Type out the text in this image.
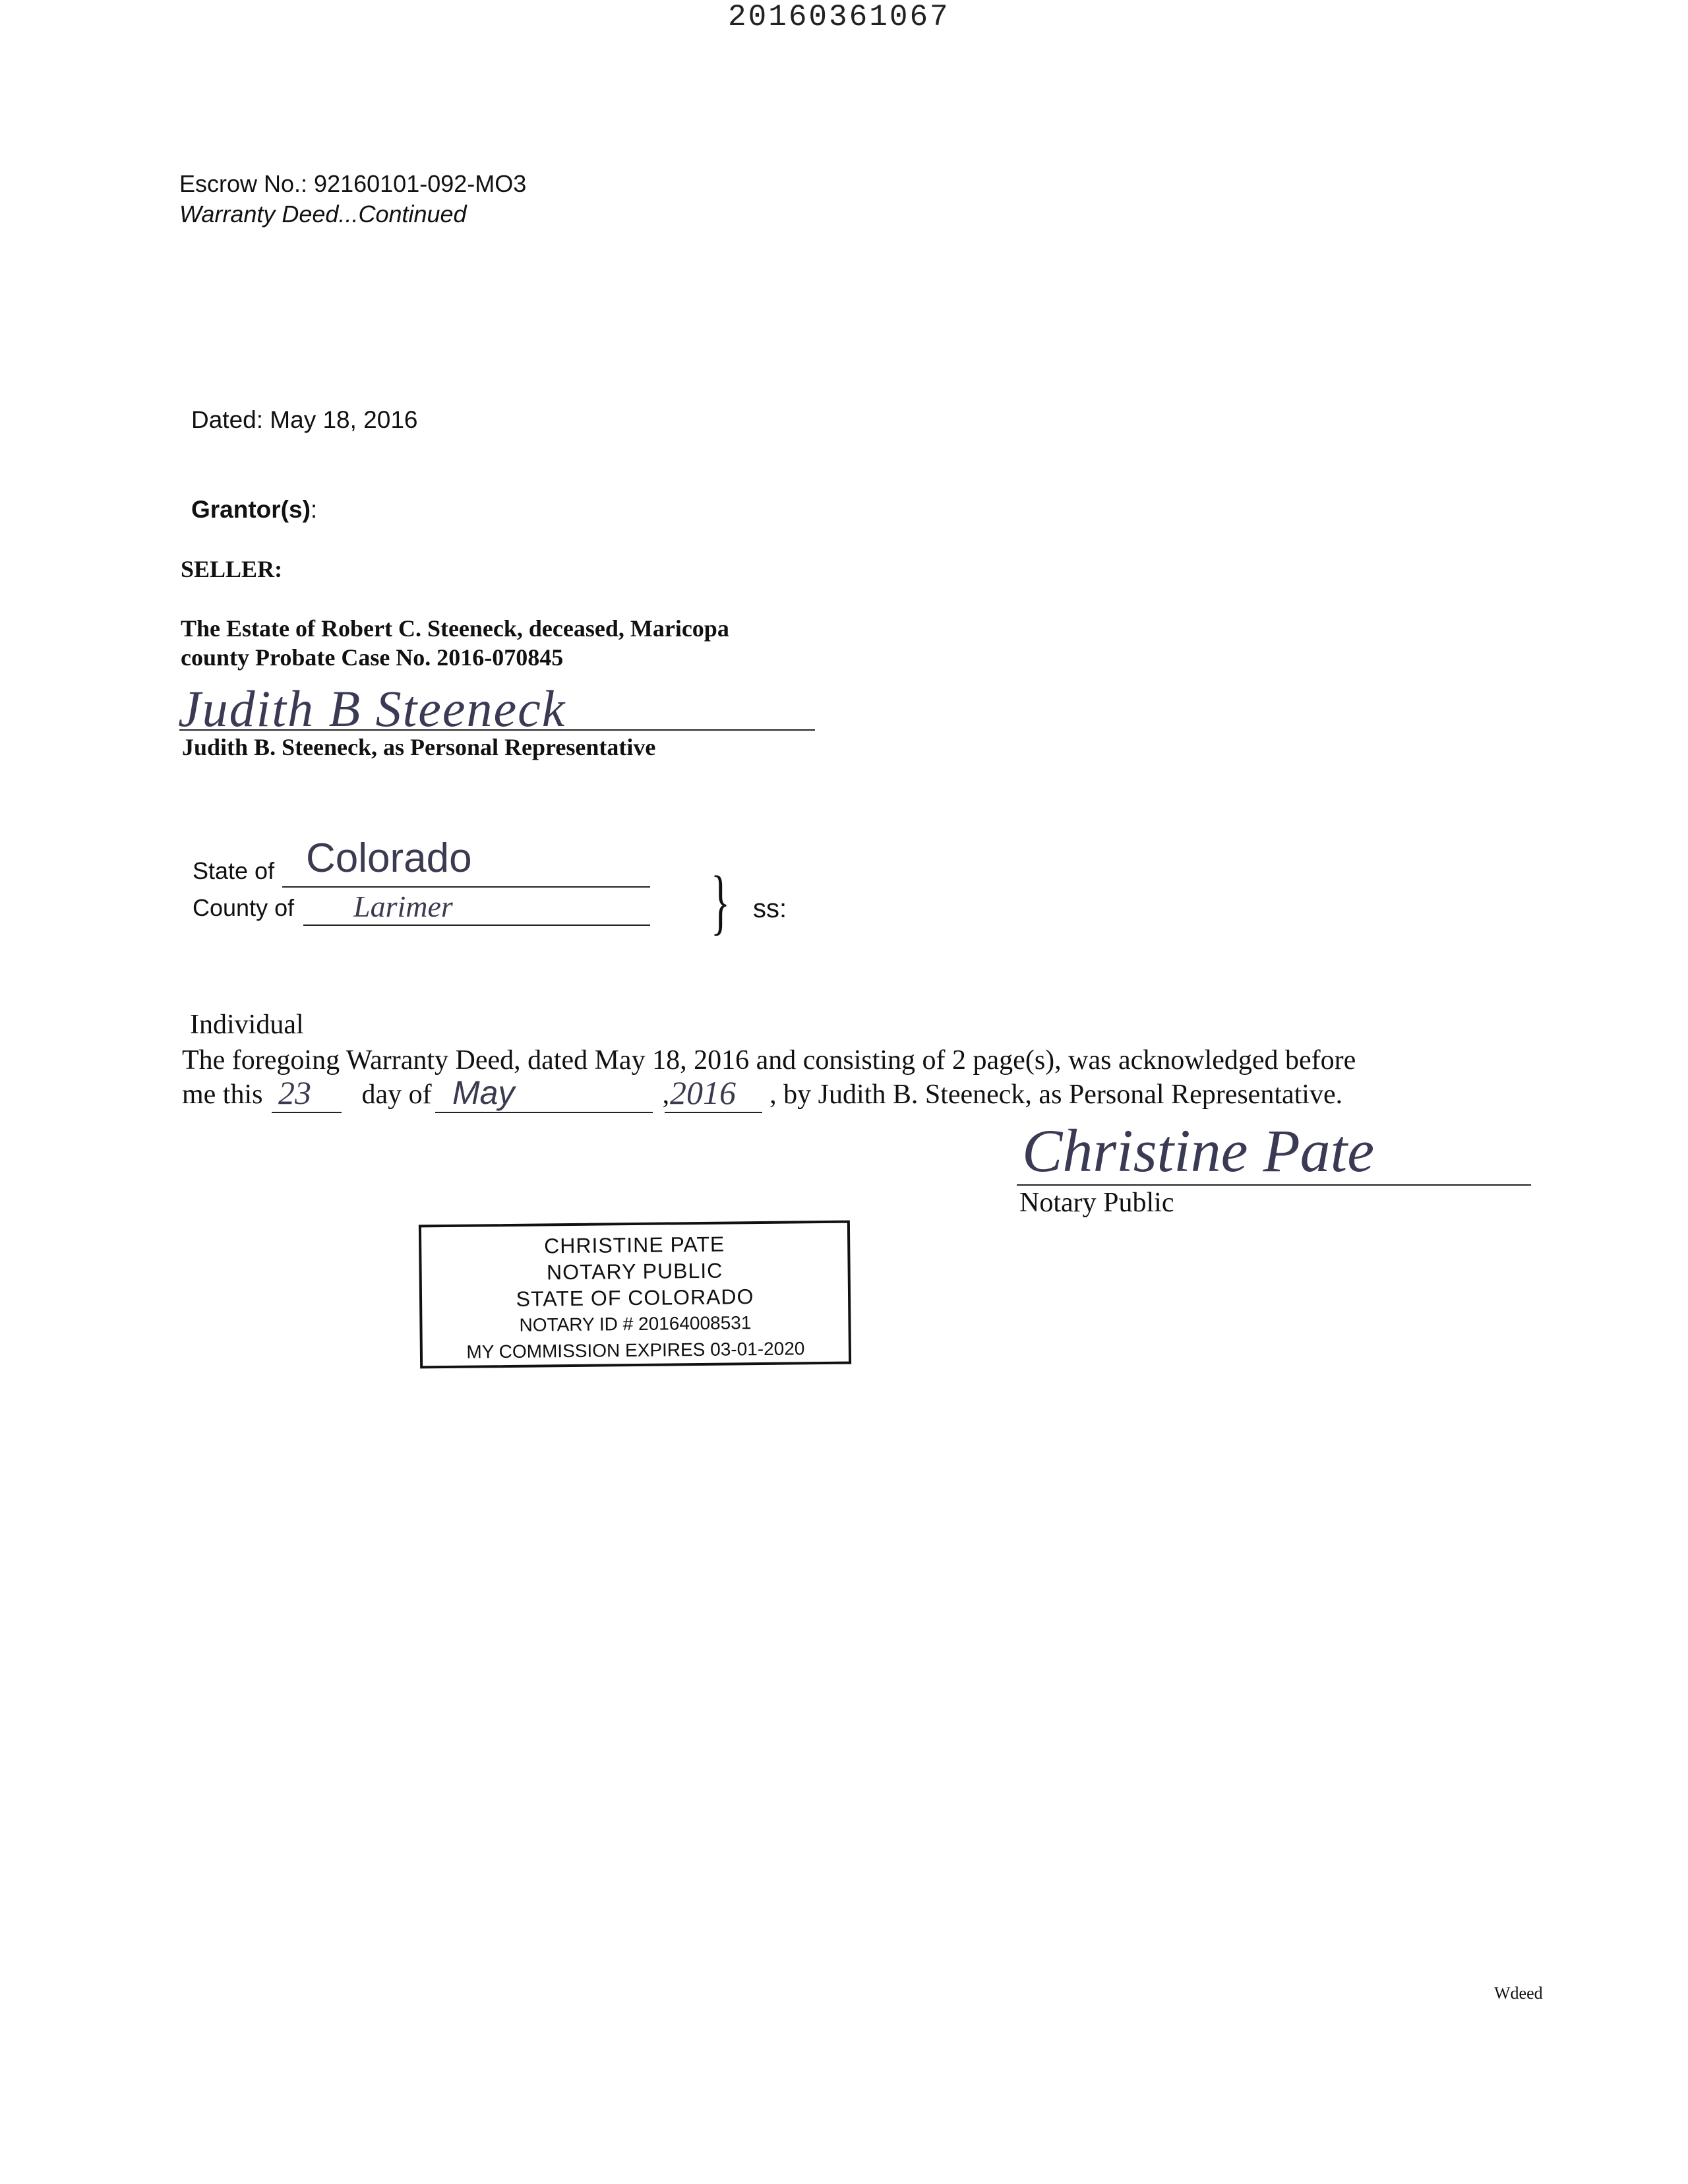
20160361067
Escrow No.: 92160101-092-MO3
Warranty Deed...Continued
Dated: May 18, 2016
Grantor(s):
SELLER:
The Estate of Robert C. Steeneck, deceased, Maricopa
county Probate Case No. 2016-070845
Judith B Steeneck
Judith B. Steeneck, as Personal Representative
State of Colorado
County of Larimer	} ss:
Individual
The foregoing Warranty Deed, dated May 18, 2016 and consisting of 2 page(s), was acknowledged before
me this	day of	,	, by Judith B. Steeneck, as Personal Representative.
23	May	2016
Christine Pate
Notary Public
CHRISTINE PATE
NOTARY PUBLIC
STATE OF COLORADO
NOTARY ID # 20164008531
MY COMMISSION EXPIRES 03-01-2020
Wdeed
